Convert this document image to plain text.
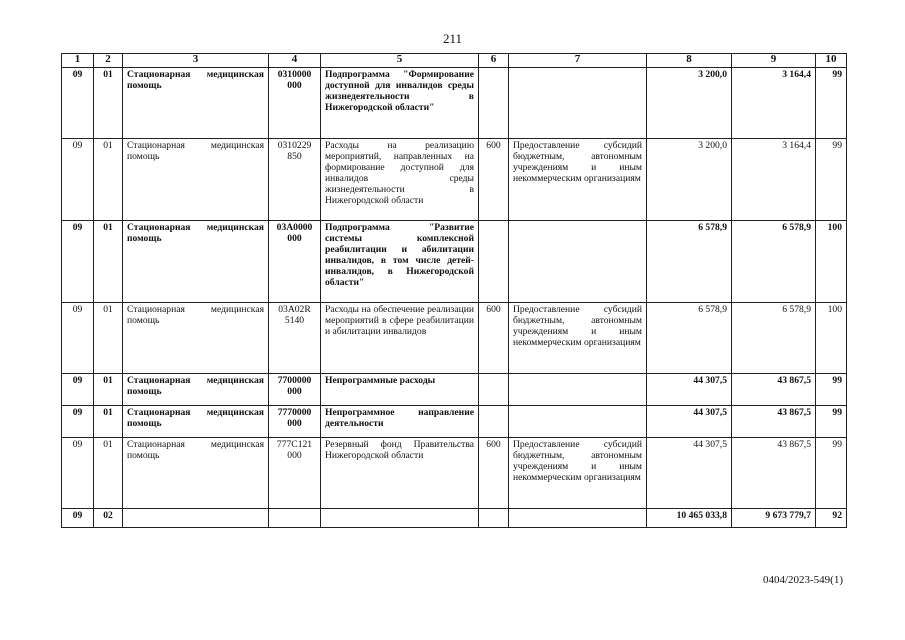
211
1	2	3	4	5	6	7	8	9	10
09	01	Стационарная медицинская помощь	0310000 000	Подпрограмма "Формирование доступной для инвалидов среды жизнедеятельности в Нижегородской области"			3 200,0	3 164,4	99
09	01	Стационарная медицинская помощь	0310229 850	Расходы на реализацию мероприятий, направленных на формирование доступной для инвалидов среды жизнедеятельности в Нижегородской области	600	Предоставление субсидий бюджетным, автономным учреждениям и иным некоммерческим организациям	3 200,0	3 164,4	99
09	01	Стационарная медицинская помощь	03А0000 000	Подпрограмма "Развитие системы комплексной реабилитации и абилитации инвалидов, в том числе детей-инвалидов, в Нижегородской области"			6 578,9	6 578,9	100
09	01	Стационарная медицинская помощь	03А02R 5140	Расходы на обеспечение реализации мероприятий в сфере реабилитации и абилитации инвалидов	600	Предоставление субсидий бюджетным, автономным учреждениям и иным некоммерческим организациям	6 578,9	6 578,9	100
09	01	Стационарная медицинская помощь	7700000 000	Непрограммные расходы			44 307,5	43 867,5	99
09	01	Стационарная медицинская помощь	7770000 000	Непрограммное направление деятельности			44 307,5	43 867,5	99
09	01	Стационарная медицинская помощь	777С121 000	Резервный фонд Правительства Нижегородской области	600	Предоставление субсидий бюджетным, автономным учреждениям и иным некоммерческим организациям	44 307,5	43 867,5	99
09	02						10 465 033,8	9 673 779,7	92
0404/2023-549(1)
